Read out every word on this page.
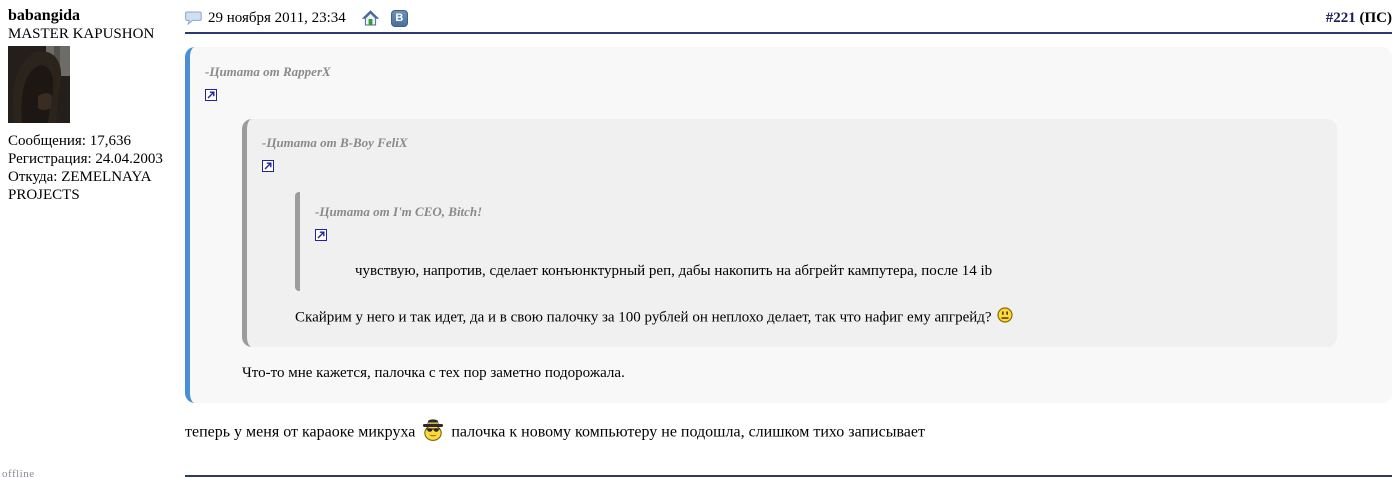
babangida
MASTER KAPUSHON
Сообщения: 17,636
Регистрация: 24.04.2003
Откуда: ZEMELNAYA PROJECTS
offline
29 ноября 2011, 23:34	В	#221 (ПС)
-Цитата от RapperX
-Цитата от B-Boy FeliX
-Цитата от I'm CEO, Bitch!
чувствую, напротив, сделает конъюнктурный реп, дабы накопить на абгрейт кампутера, после 14 ib
Скайрим у него и так идет, да и в свою палочку за 100 рублей он неплохо делает, так что нафиг ему апгрейд?
Что-то мне кажется, палочка с тех пор заметно подорожала.
теперь у меня от караоке микруха  палочка к новому компьютеру не подошла, слишком тихо записывает
